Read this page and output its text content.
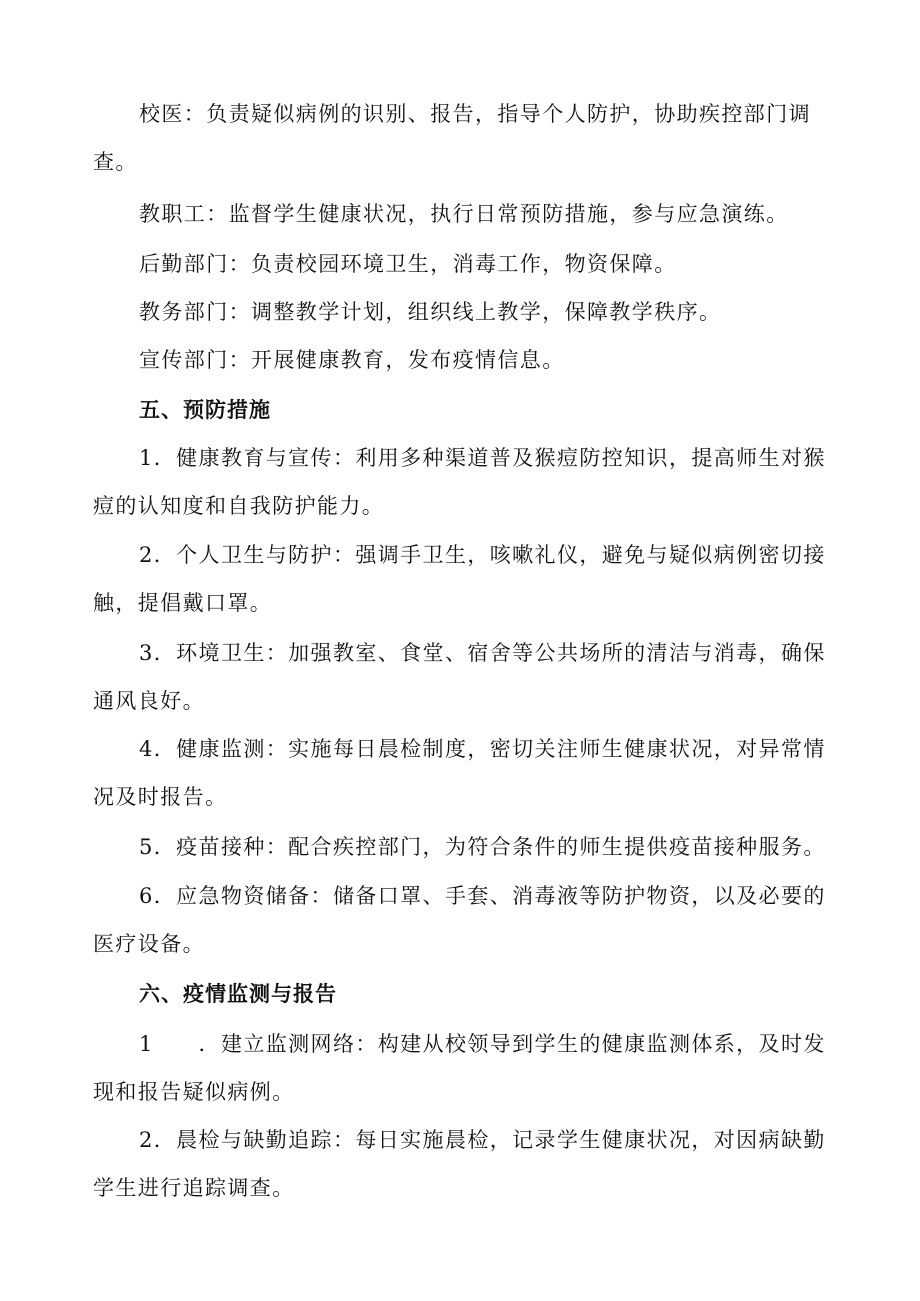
校医：负责疑似病例的识别、报告，指导个人防护，协助疾控部门调查。

教职工：监督学生健康状况，执行日常预防措施，参与应急演练。

后勤部门：负责校园环境卫生，消毒工作，物资保障。

教务部门：调整教学计划，组织线上教学，保障教学秩序。

宣传部门：开展健康教育，发布疫情信息。

五、预防措施

1．健康教育与宣传：利用多种渠道普及猴痘防控知识，提高师生对猴痘的认知度和自我防护能力。

2．个人卫生与防护：强调手卫生，咳嗽礼仪，避免与疑似病例密切接触，提倡戴口罩。

3．环境卫生：加强教室、食堂、宿舍等公共场所的清洁与消毒，确保通风良好。

4．健康监测：实施每日晨检制度，密切关注师生健康状况，对异常情况及时报告。

5．疫苗接种：配合疾控部门，为符合条件的师生提供疫苗接种服务。

6．应急物资储备：储备口罩、手套、消毒液等防护物资，以及必要的医疗设备。

六、疫情监测与报告

1　　．建立监测网络：构建从校领导到学生的健康监测体系，及时发现和报告疑似病例。

2．晨检与缺勤追踪：每日实施晨检，记录学生健康状况，对因病缺勤学生进行追踪调查。
